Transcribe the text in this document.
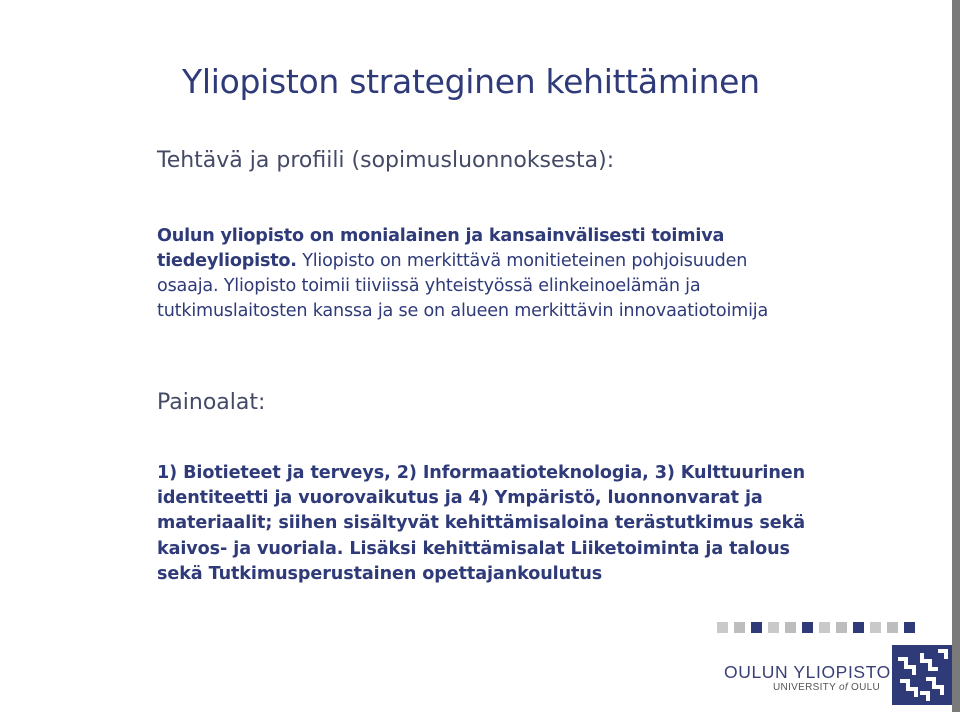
Yliopiston strateginen kehittäminen
Tehtävä ja profiili (sopimusluonnoksesta):
Oulun yliopisto on monialainen ja kansainvälisesti toimiva tiedeyliopisto. Yliopisto on merkittävä monitieteinen pohjoisuuden osaaja. Yliopisto toimii tiiviissä yhteistyössä elinkeinoelämän ja tutkimuslaitosten kanssa ja se on alueen merkittävin innovaatiotoimija
Painoalat:
1) Biotieteet ja terveys, 2) Informaatioteknologia, 3) Kulttuurinen identiteetti ja vuorovaikutus ja 4) Ympäristö, luonnonvarat ja materiaalit; siihen sisältyvät kehittämisaloina terästutkimus sekä kaivos- ja vuoriala. Lisäksi kehittämisalat Liiketoiminta ja talous sekä Tutkimusperustainen opettajankoulutus
OULUN YLIOPISTO
UNIVERSITY of OULU
